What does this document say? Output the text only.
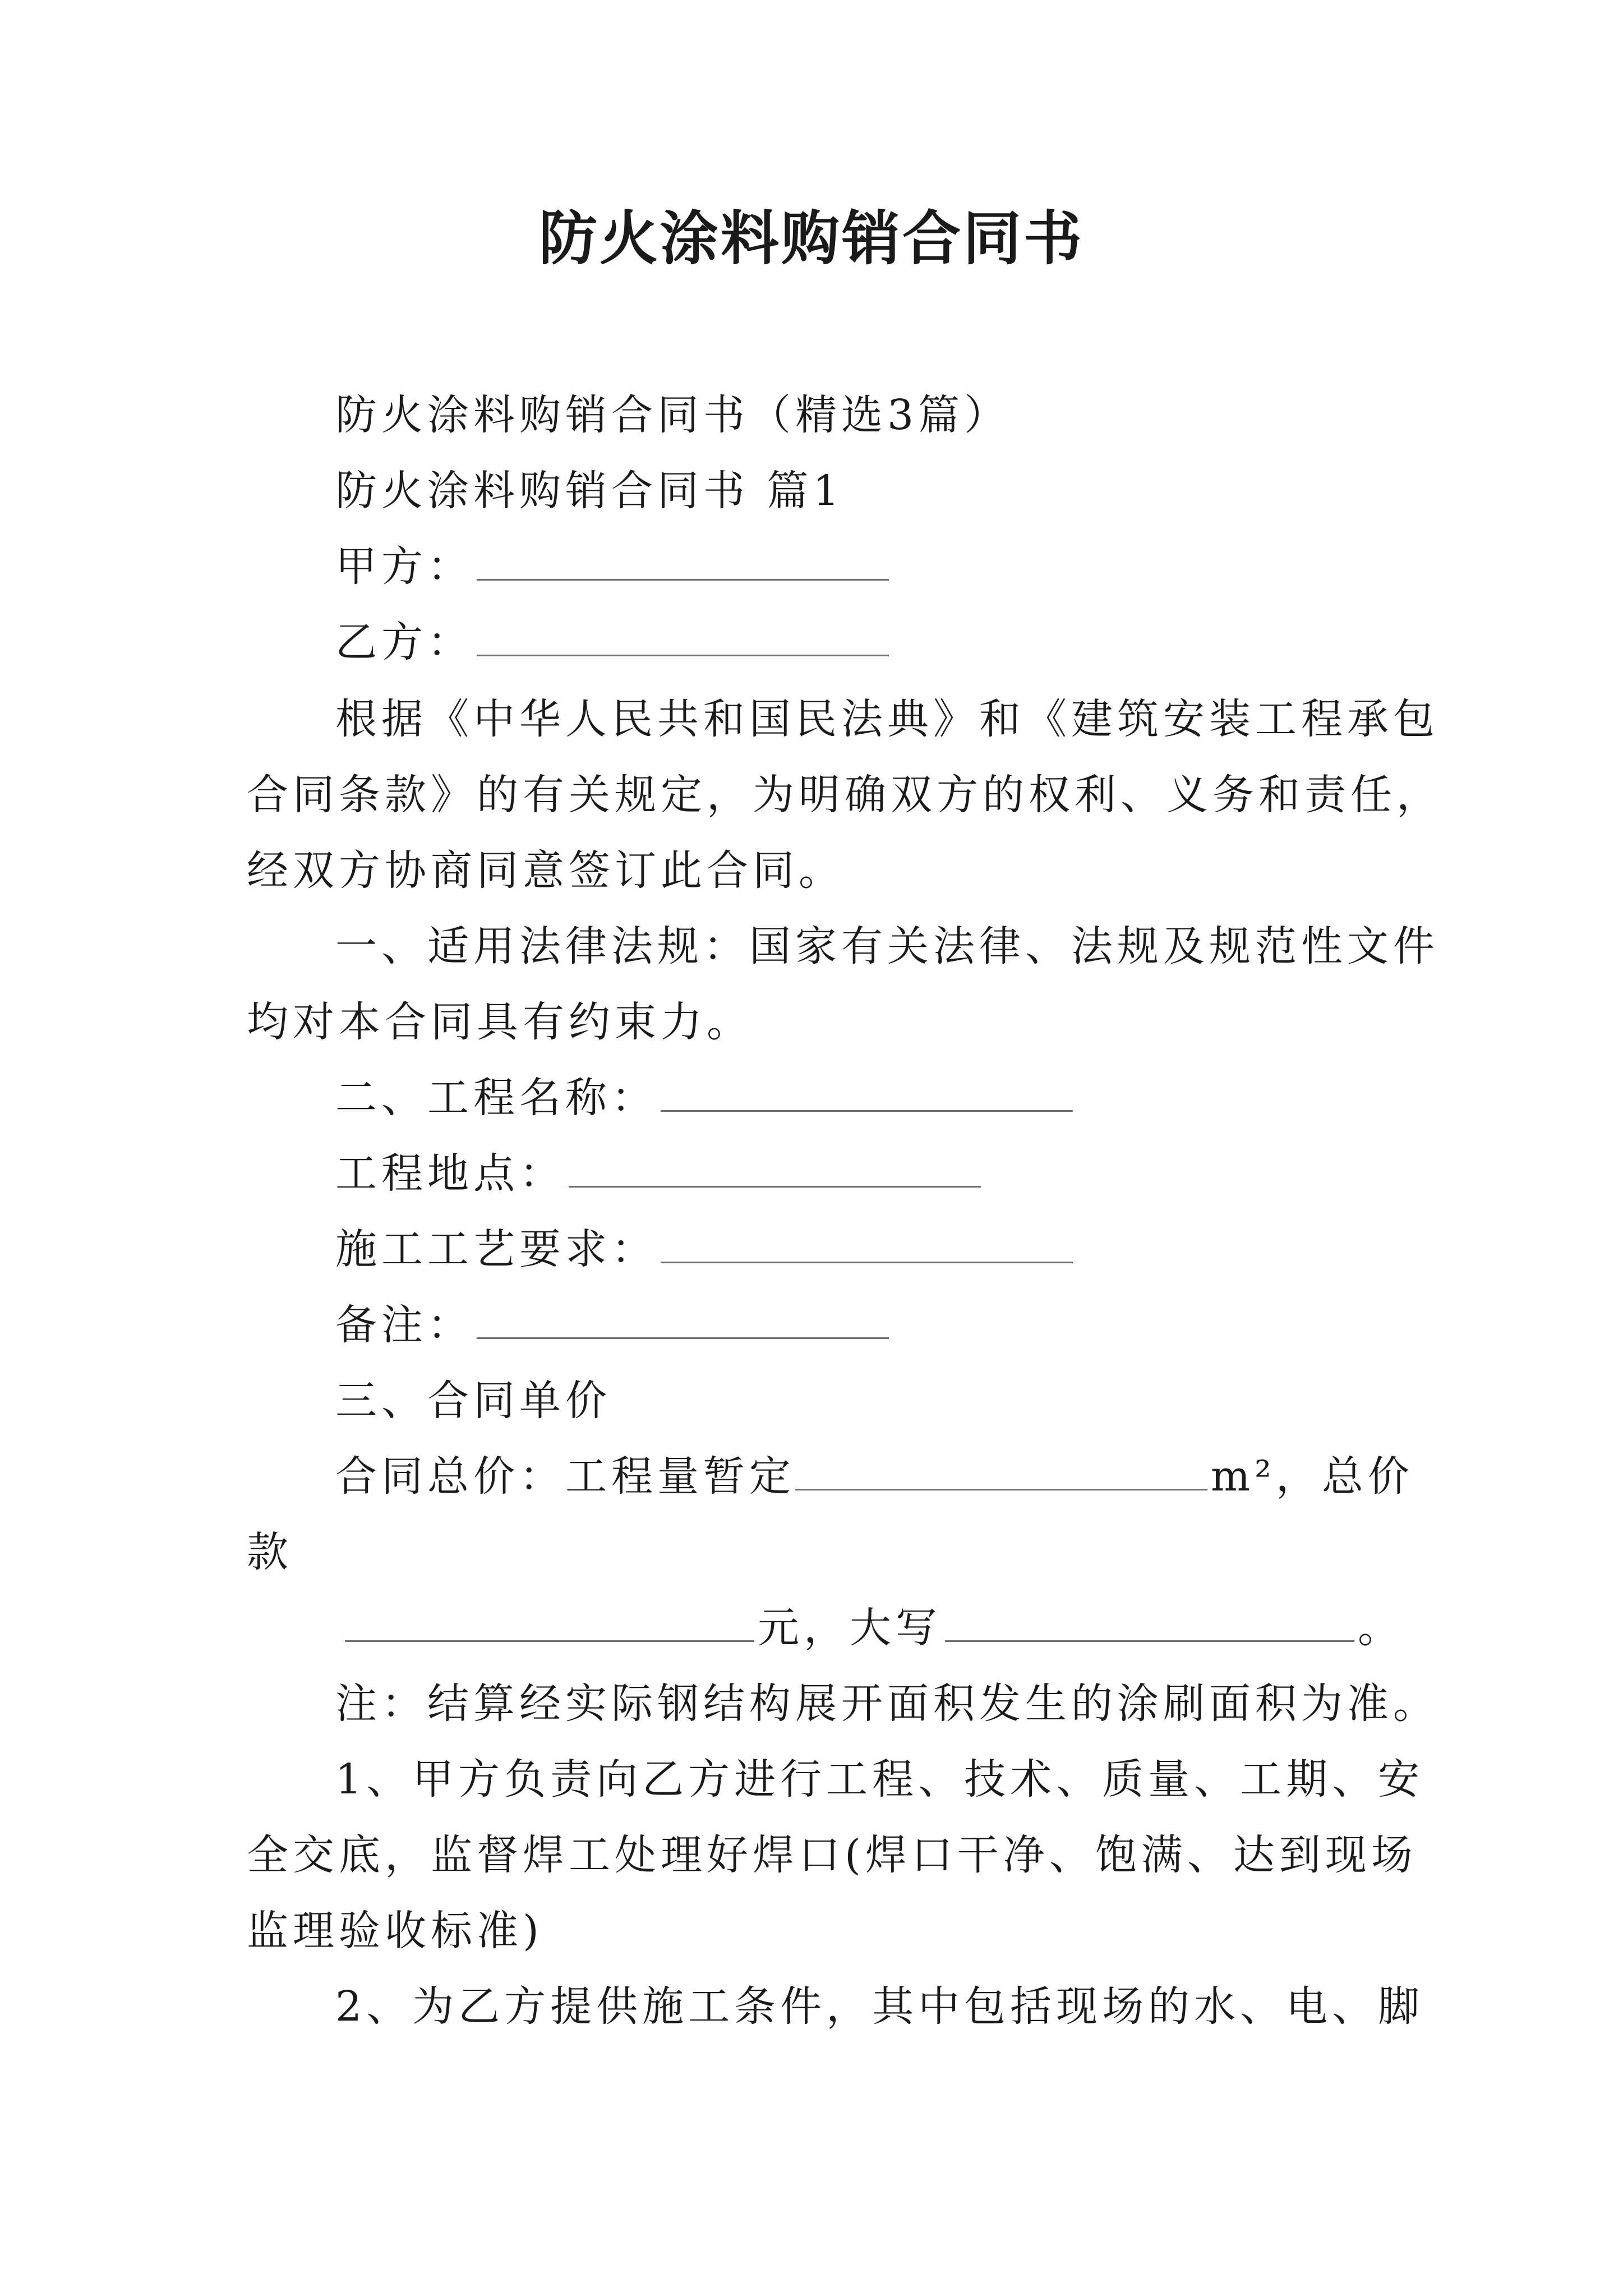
防火涂料购销合同书
防火涂料购销合同书（精选3篇）
防火涂料购销合同书 篇1
甲方：
乙方：
根据《中华人民共和国民法典》和《建筑安装工程承包
合同条款》的有关规定，为明确双方的权利、义务和责任，
经双方协商同意签订此合同。
一、适用法律法规：国家有关法律、法规及规范性文件
均对本合同具有约束力。
二、工程名称：
工程地点：
施工工艺要求：
备注：
三、合同单价
合同总价：工程量暂定	m²，总价
款
元，大写	。
注：结算经实际钢结构展开面积发生的涂刷面积为准。
1、甲方负责向乙方进行工程、技术、质量、工期、安
全交底，监督焊工处理好焊口(焊口干净、饱满、达到现场
监理验收标准)
2、为乙方提供施工条件，其中包括现场的水、电、脚
